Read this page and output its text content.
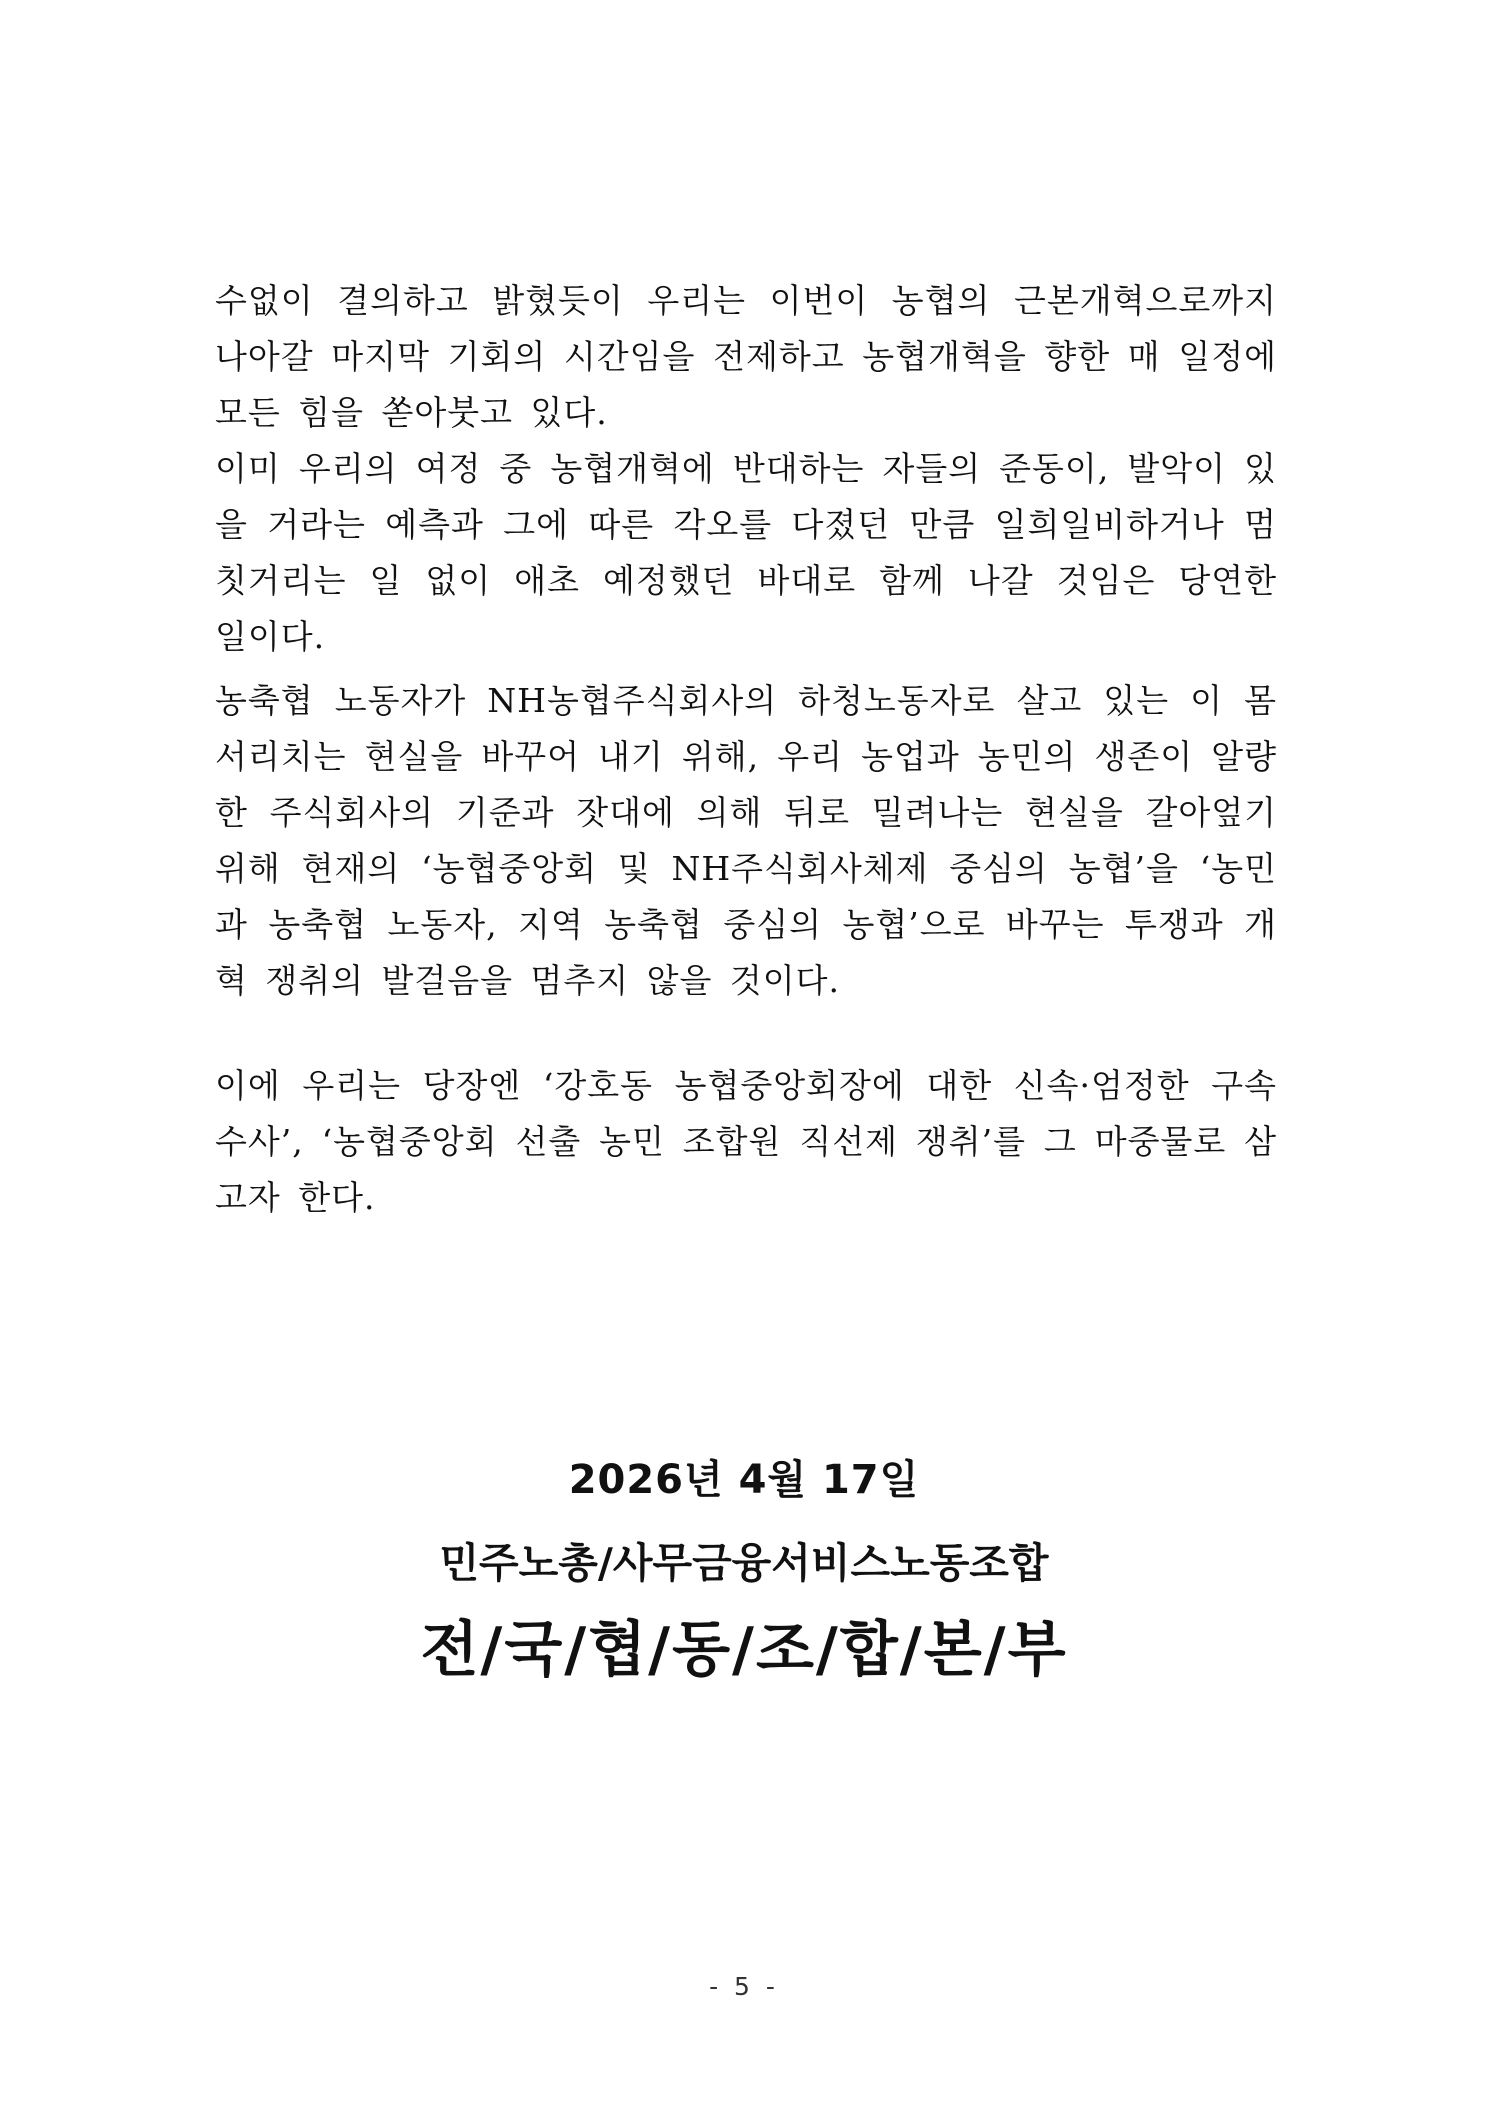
수없이 결의하고 밝혔듯이 우리는 이번이 농협의 근본개혁으로까지 나아갈 마지막 기회의 시간임을 전제하고 농협개혁을 향한 매 일정에 모든 힘을 쏟아붓고 있다.

이미 우리의 여정 중 농협개혁에 반대하는 자들의 준동이, 발악이 있을 거라는 예측과 그에 따른 각오를 다졌던 만큼 일희일비하거나 멈칫거리는 일 없이 애초 예정했던 바대로 함께 나갈 것임은 당연한 일이다.

농축협 노동자가 NH농협주식회사의 하청노동자로 살고 있는 이 몸서리치는 현실을 바꾸어 내기 위해, 우리 농업과 농민의 생존이 알량한 주식회사의 기준과 잣대에 의해 뒤로 밀려나는 현실을 갈아엎기 위해 현재의 ‘농협중앙회 및 NH주식회사체제 중심의 농협’을 ‘농민과 농축협 노동자, 지역 농축협 중심의 농협’으로 바꾸는 투쟁과 개혁 쟁취의 발걸음을 멈추지 않을 것이다.

이에 우리는 당장엔 ‘강호동 농협중앙회장에 대한 신속·엄정한 구속수사’, ‘농협중앙회 선출 농민 조합원 직선제 쟁취’를 그 마중물로 삼고자 한다.

2026년 4월 17일
민주노총/사무금융서비스노동조합
전/국/협/동/조/합/본/부
- 5 -
